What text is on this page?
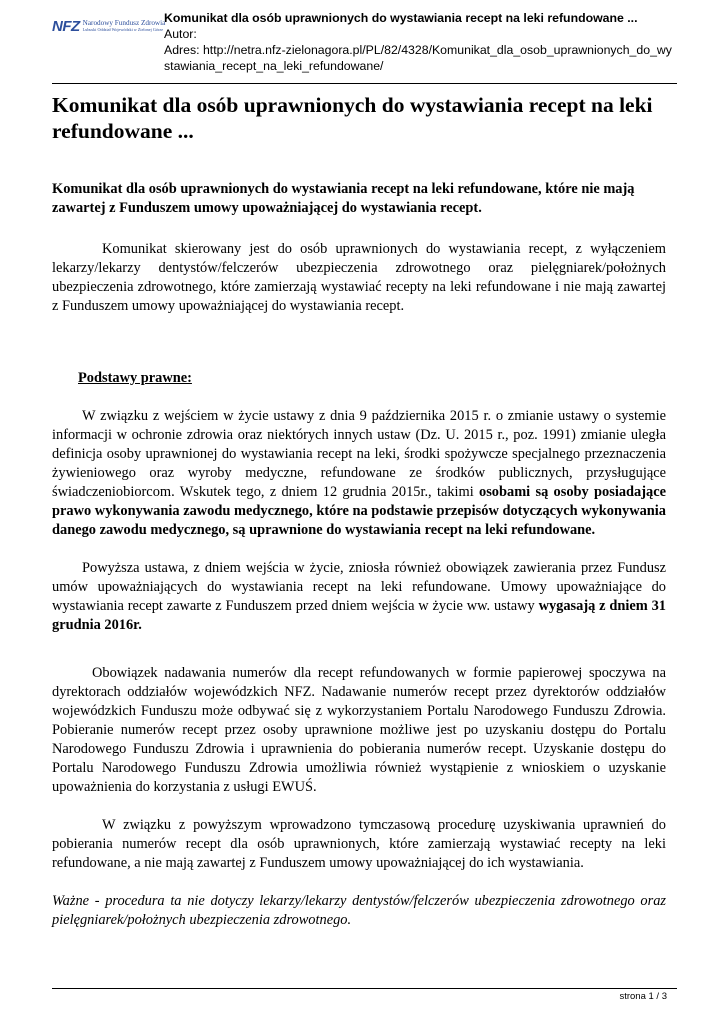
NFZ Narodowy Fundusz Zdrowia
Lubuski Oddział Wojewódzki w Zielonej Górze
Komunikat dla osób uprawnionych do wystawiania recept na leki refundowane ...
Autor:
Adres: http://netra.nfz-zielonagora.pl/PL/82/4328/Komunikat_dla_osob_uprawnionych_do_wystawiania_recept_na_leki_refundowane/
Komunikat dla osób uprawnionych do wystawiania recept na leki refundowane ...
Komunikat dla osób uprawnionych do wystawiania recept na leki refundowane, które nie mają zawartej z Funduszem umowy upoważniającej do wystawiania recept.

Komunikat skierowany jest do osób uprawnionych do wystawiania recept, z wyłączeniem lekarzy/lekarzy dentystów/felczerów ubezpieczenia zdrowotnego oraz pielęgniarek/położnych ubezpieczenia zdrowotnego, które zamierzają wystawiać recepty na leki refundowane i nie mają zawartej z Funduszem umowy upoważniającej do wystawiania recept.

Podstawy prawne:

W związku z wejściem w życie ustawy z dnia 9 października 2015 r. o zmianie ustawy o systemie informacji w ochronie zdrowia oraz niektórych innych ustaw (Dz. U. 2015 r., poz. 1991) zmianie uległa definicja osoby uprawnionej do wystawiania recept na leki, środki spożywcze specjalnego przeznaczenia żywieniowego oraz wyroby medyczne, refundowane ze środków publicznych, przysługujące świadczeniobiorcom. Wskutek tego, z dniem 12 grudnia 2015r., takimi osobami są osoby posiadające prawo wykonywania zawodu medycznego, które na podstawie przepisów dotyczących wykonywania danego zawodu medycznego, są uprawnione do wystawiania recept na leki refundowane.

Powyższa ustawa, z dniem wejścia w życie, zniosła również obowiązek zawierania przez Fundusz umów upoważniających do wystawiania recept na leki refundowane. Umowy upoważniające do wystawiania recept zawarte z Funduszem przed dniem wejścia w życie ww. ustawy wygasają z dniem 31 grudnia 2016r.

Obowiązek nadawania numerów dla recept refundowanych w formie papierowej spoczywa na dyrektorach oddziałów wojewódzkich NFZ. Nadawanie numerów recept przez dyrektorów oddziałów wojewódzkich Funduszu może odbywać się z wykorzystaniem Portalu Narodowego Funduszu Zdrowia. Pobieranie numerów recept przez osoby uprawnione możliwe jest po uzyskaniu dostępu do Portalu Narodowego Funduszu Zdrowia i uprawnienia do pobierania numerów recept. Uzyskanie dostępu do Portalu Narodowego Funduszu Zdrowia umożliwia również wystąpienie z wnioskiem o uzyskanie upoważnienia do korzystania z usługi EWUŚ.

W związku z powyższym wprowadzono tymczasową procedurę uzyskiwania uprawnień do pobierania numerów recept dla osób uprawnionych, które zamierzają wystawiać recepty na leki refundowane, a nie mają zawartej z Funduszem umowy upoważniającej do ich wystawiania.

Ważne - procedura ta nie dotyczy lekarzy/lekarzy dentystów/felczerów ubezpieczenia zdrowotnego oraz pielęgniarek/położnych ubezpieczenia zdrowotnego.

strona 1 / 3
